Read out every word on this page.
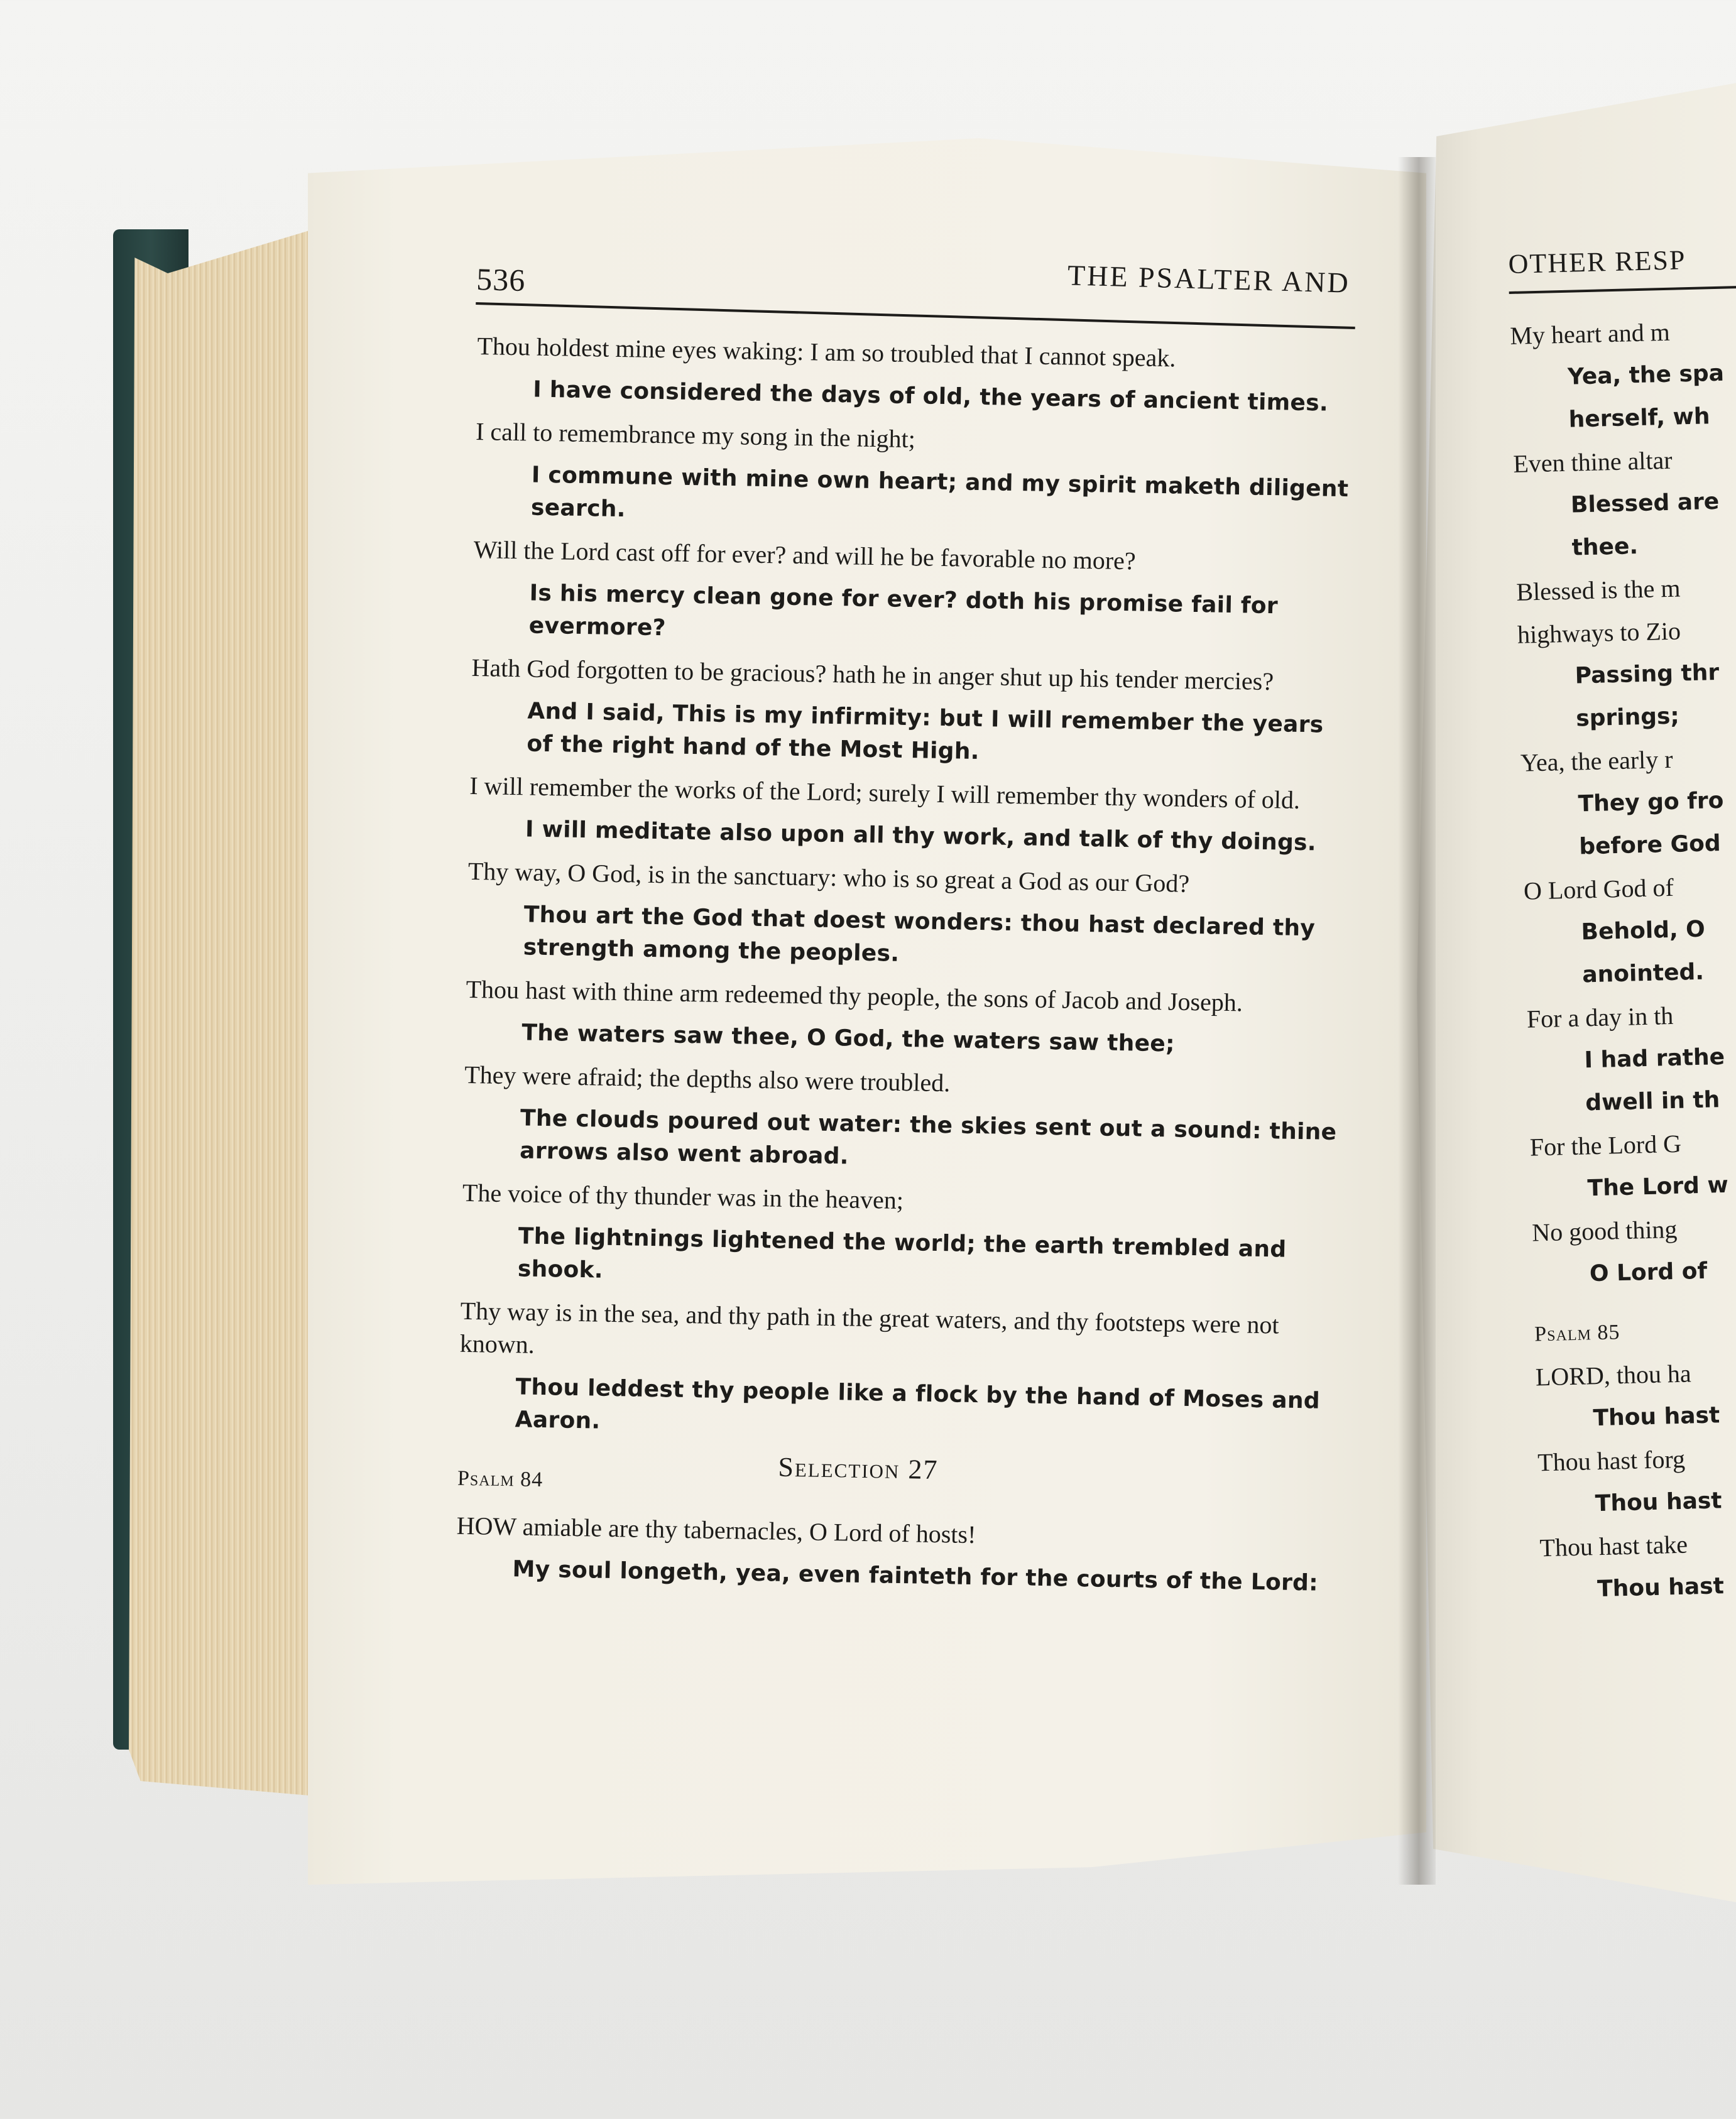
536	THE PSALTER AND
Thou holdest mine eyes waking: I am so troubled that I cannot speak.
I have considered the days of old, the years of ancient times.
I call to remembrance my song in the night;
I commune with mine own heart; and my spirit maketh diligent search.
Will the Lord cast off for ever? and will he be favorable no more?
Is his mercy clean gone for ever? doth his promise fail for evermore?
Hath God forgotten to be gracious? hath he in anger shut up his tender mercies?
And I said, This is my infirmity: but I will remember the years of the right hand of the Most High.
I will remember the works of the Lord; surely I will remember thy wonders of old.
I will meditate also upon all thy work, and talk of thy doings.
Thy way, O God, is in the sanctuary: who is so great a God as our God?
Thou art the God that doest wonders: thou hast declared thy strength among the peoples.
Thou hast with thine arm redeemed thy people, the sons of Jacob and Joseph.
The waters saw thee, O God, the waters saw thee;
They were afraid; the depths also were troubled.
The clouds poured out water: the skies sent out a sound: thine arrows also went abroad.
The voice of thy thunder was in the heaven;
The lightnings lightened the world; the earth trembled and shook.
Thy way is in the sea, and thy path in the great waters, and thy footsteps were not known.
Thou leddest thy people like a flock by the hand of Moses and Aaron.
Psalm 84	Selection 27
HOW amiable are thy tabernacles, O Lord of hosts!
My soul longeth, yea, even fainteth for the courts of the Lord:
OTHER RESP
My heart and m
Yea, the spa
herself, wh
Even thine altar
Blessed are
thee.
Blessed is the m
highways to Zio
Passing thr
springs;
Yea, the early r
They go fro
before God
O Lord God of
Behold, O
anointed.
For a day in th
I had rathe
dwell in th
For the Lord G
The Lord w
No good thing
O Lord of
Psalm 85
LORD, thou ha
Thou hast
Thou hast forg
Thou hast
Thou hast take
Thou hast
